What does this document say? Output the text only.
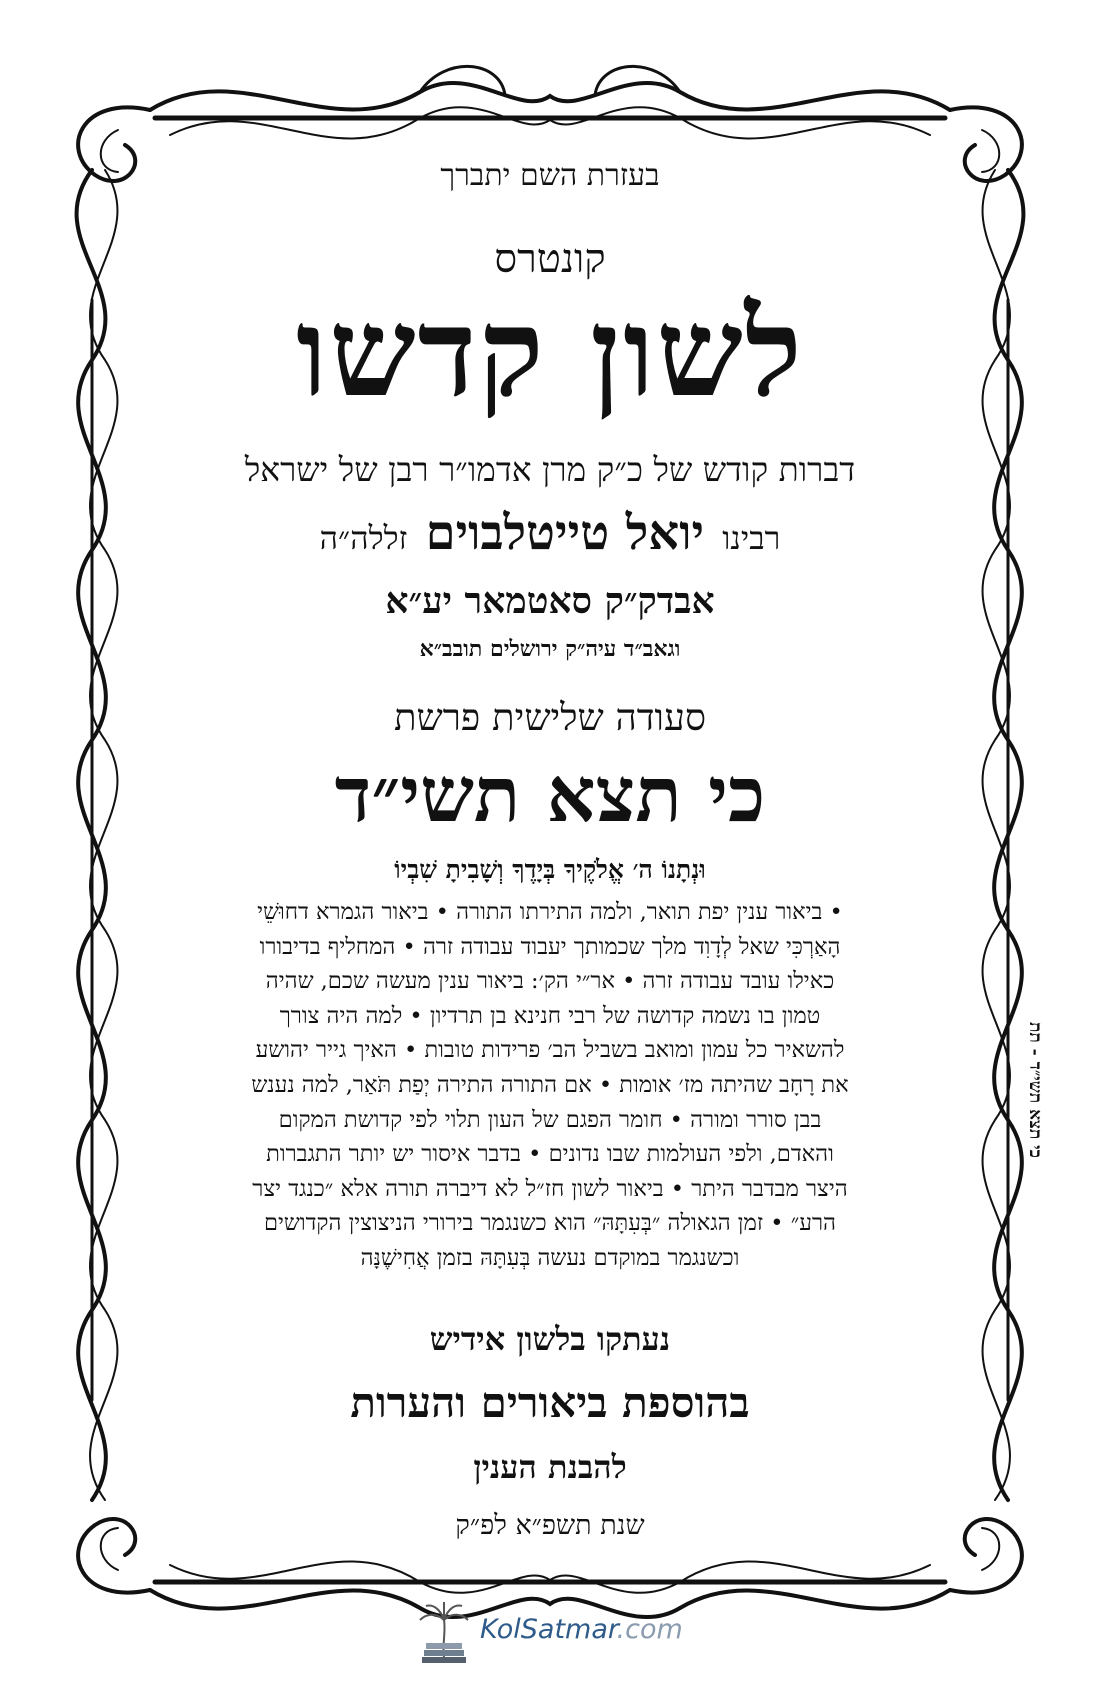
בעזרת השם יתברך
קונטרס
לשון קדשו
דברות קודש של כ״ק מרן אדמו״ר רבן של ישראל
רבינו יואל טייטלבוים זללה״ה
אבדק״ק סאטמאר יע״א
וגאב״ד עיה״ק ירושלים תובב״א
סעודה שלישית פרשת
כי תצא תשי״ד
וּנְתָנוֹ ה׳ אֱלֹקֶיךָ בְּיָדֶךָ וְשָׁבִיתָ שִׁבְיוֹ
• ביאור ענין יפת תואר, ולמה התירתו התורה • ביאור הגמרא דחוּשֵׁי
הָאַרְכִּי שאל לְדָוִד מלך שכמותך יעבוד עבודה זרה • המחליף בדיבורו
כאילו עובד עבודה זרה • אר״י הק׳: ביאור ענין מעשה שכם, שהיה
טמון בו נשמה קדושה של רבי חנינא בן תרדיון • למה היה צורך
להשאיר כל עמון ומואב בשביל הב׳ פרידות טובות • האיך גייר יהושע
את רָחָב שהיתה מז׳ אומות • אם התורה התירה יְפַת תֹּאַר, למה נענש
בבן סורר ומורה • חומר הפגם של העון תלוי לפי קדושת המקום
והאדם, ולפי העולמות שבו נדונים • בדבר איסור יש יותר התגברות
היצר מבדבר היתר • ביאור לשון חז״ל לא דיברה תורה אלא ״כנגד יצר
הרע״ • זמן הגאולה ״בְּעִתָּהּ״ הוא כשנגמר בירורי הניצוצין הקדושים
וכשנגמר במוקדם נעשה בְּעִתָּהּ בזמן אֲחִישֶׁנָּה
נעתקו בלשון אידיש
בהוספת ביאורים והערות
להבנת הענין
שנת תשפ״א לפ״ק
כי תצא תשי״ד - תת
KolSatmar.com
